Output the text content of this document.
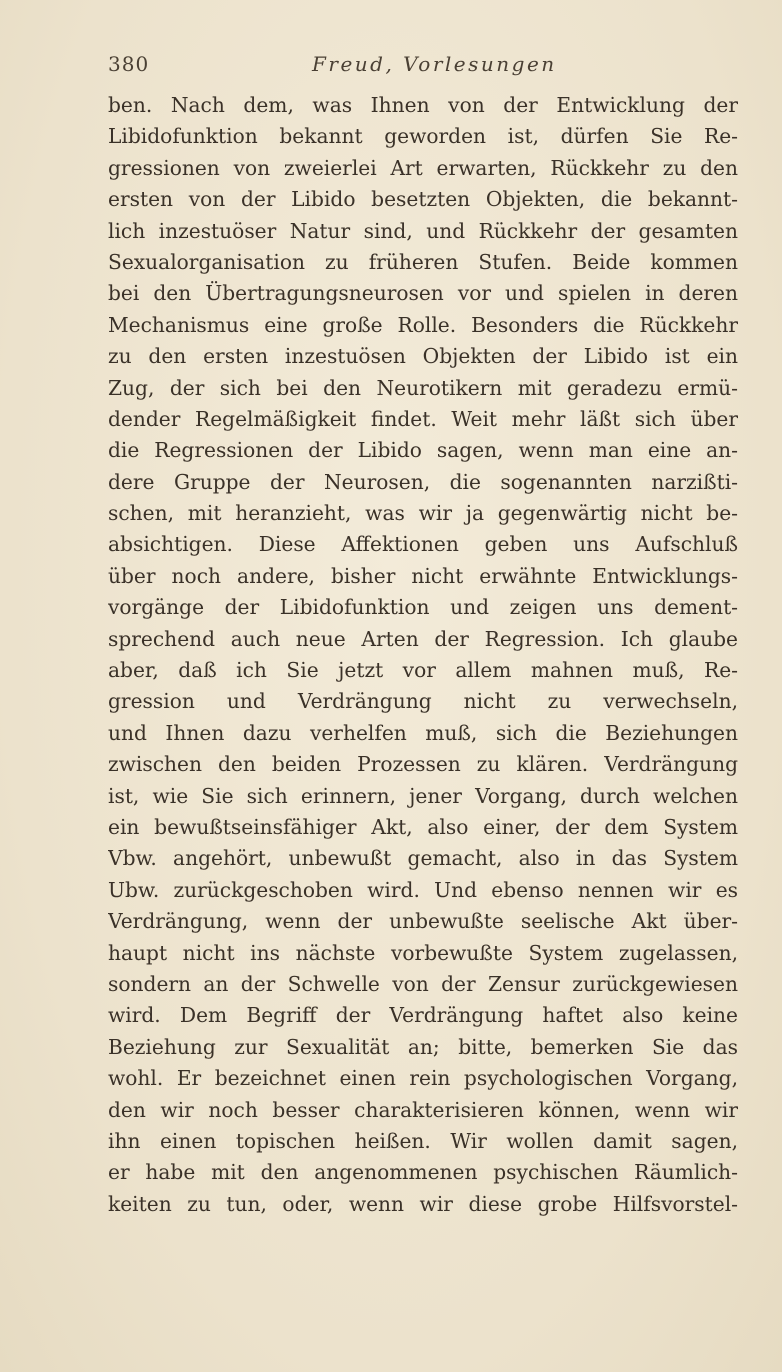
380	Freud, Vorlesungen
ben. Nach dem, was Ihnen von der Entwicklung der
Libidofunktion bekannt geworden ist, dürfen Sie Re-
gressionen von zweierlei Art erwarten, Rückkehr zu den
ersten von der Libido besetzten Objekten, die bekannt-
lich inzestuöser Natur sind, und Rückkehr der gesamten
Sexualorganisation zu früheren Stufen. Beide kommen
bei den Übertragungsneurosen vor und spielen in deren
Mechanismus eine große Rolle. Besonders die Rückkehr
zu den ersten inzestuösen Objekten der Libido ist ein
Zug, der sich bei den Neurotikern mit geradezu ermü-
dender Regelmäßigkeit findet. Weit mehr läßt sich über
die Regressionen der Libido sagen, wenn man eine an-
dere Gruppe der Neurosen, die sogenannten narzißti-
schen, mit heranzieht, was wir ja gegenwärtig nicht be-
absichtigen. Diese Affektionen geben uns Aufschluß
über noch andere, bisher nicht erwähnte Entwicklungs-
vorgänge der Libidofunktion und zeigen uns dement-
sprechend auch neue Arten der Regression. Ich glaube
aber, daß ich Sie jetzt vor allem mahnen muß, Re-
gression und Verdrängung nicht zu verwechseln,
und Ihnen dazu verhelfen muß, sich die Beziehungen
zwischen den beiden Prozessen zu klären. Verdrängung
ist, wie Sie sich erinnern, jener Vorgang, durch welchen
ein bewußtseinsfähiger Akt, also einer, der dem System
Vbw. angehört, unbewußt gemacht, also in das System
Ubw. zurückgeschoben wird. Und ebenso nennen wir es
Verdrängung, wenn der unbewußte seelische Akt über-
haupt nicht ins nächste vorbewußte System zugelassen,
sondern an der Schwelle von der Zensur zurückgewiesen
wird. Dem Begriff der Verdrängung haftet also keine
Beziehung zur Sexualität an; bitte, bemerken Sie das
wohl. Er bezeichnet einen rein psychologischen Vorgang,
den wir noch besser charakterisieren können, wenn wir
ihn einen topischen heißen. Wir wollen damit sagen,
er habe mit den angenommenen psychischen Räumlich-
keiten zu tun, oder, wenn wir diese grobe Hilfsvorstel-
